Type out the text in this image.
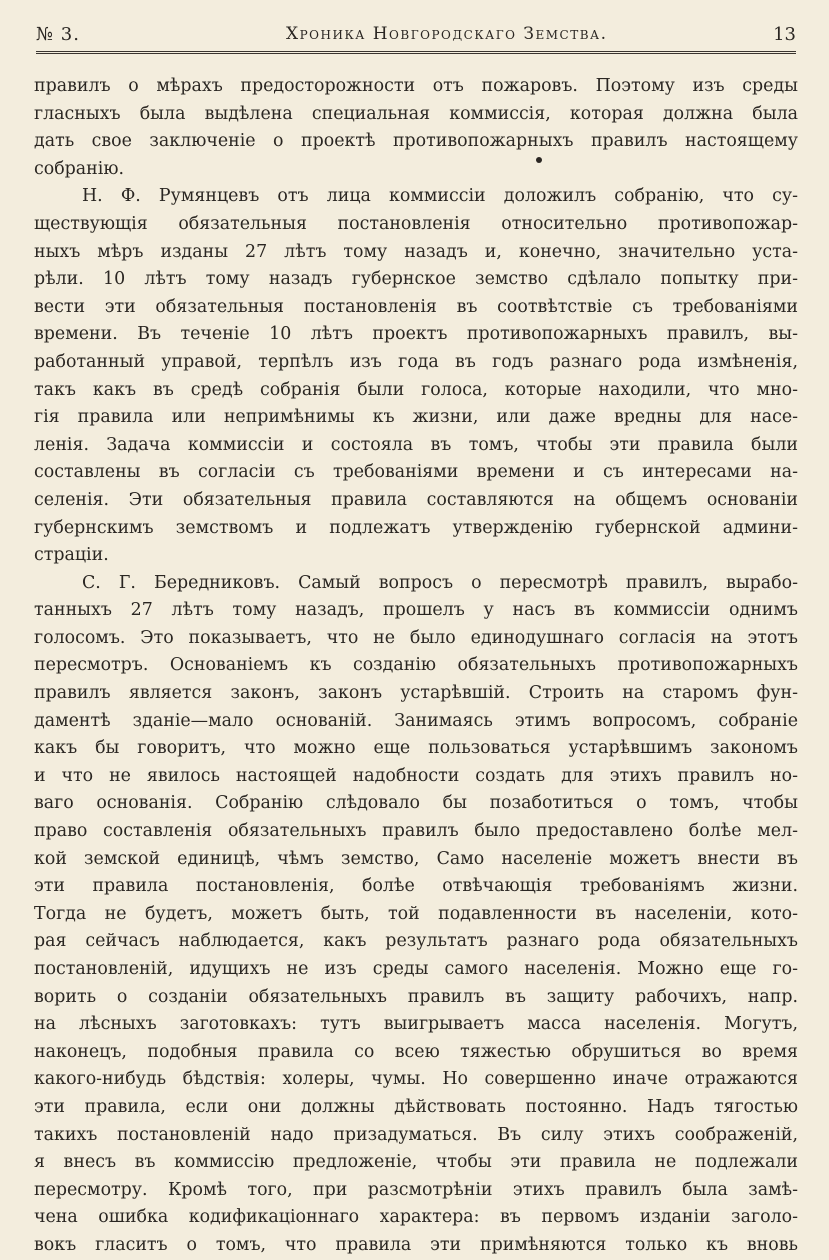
№ 3.	Хроника Новгородскаго Земства.	13
правилъ о мѣрахъ предосторожности отъ пожаровъ. Поэтому изъ среды
гласныхъ была выдѣлена специальная коммиссія, которая должна была
дать свое заключеніе о проектѣ противопожарныхъ правилъ настоящему
собранію.
Н. Ф. Румянцевъ отъ лица коммиссіи доложилъ собранію, что су-
ществующія обязательныя постановленія относительно противопожар-
ныхъ мѣръ изданы 27 лѣтъ тому назадъ и, конечно, значительно уста-
рѣли. 10 лѣтъ тому назадъ губернское земство сдѣлало попытку при-
вести эти обязательныя постановленія въ соотвѣтствіе съ требованіями
времени. Въ теченіе 10 лѣтъ проектъ противопожарныхъ правилъ, вы-
работанный управой, терпѣлъ изъ года въ годъ разнаго рода измѣненія,
такъ какъ въ средѣ собранія были голоса, которые находили, что мно-
гія правила или непримѣнимы къ жизни, или даже вредны для насе-
ленія. Задача коммиссіи и состояла въ томъ, чтобы эти правила были
составлены въ согласіи съ требованіями времени и съ интересами на-
селенія. Эти обязательныя правила составляются на общемъ основаніи
губернскимъ земствомъ и подлежатъ утвержденію губернской админи-
страціи.
С. Г. Бередниковъ. Самый вопросъ о пересмотрѣ правилъ, вырабо-
танныхъ 27 лѣтъ тому назадъ, прошелъ у насъ въ коммиссіи однимъ
голосомъ. Это показываетъ, что не было единодушнаго согласія на этотъ
пересмотръ. Основаніемъ къ созданію обязательныхъ противопожарныхъ
правилъ является законъ, законъ устарѣвшій. Строить на старомъ фун-
даментѣ зданіе—мало основаній. Занимаясь этимъ вопросомъ, собраніе
какъ бы говоритъ, что можно еще пользоваться устарѣвшимъ закономъ
и что не явилось настоящей надобности создать для этихъ правилъ но-
ваго основанія. Собранію слѣдовало бы позаботиться о томъ, чтобы
право составленія обязательныхъ правилъ было предоставлено болѣе мел-
кой земской единицѣ, чѣмъ земство, Само населеніе можетъ внести въ
эти правила постановленія, болѣе отвѣчающія требованіямъ жизни.
Тогда не будетъ, можетъ быть, той подавленности въ населеніи, кото-
рая сейчасъ наблюдается, какъ результатъ разнаго рода обязательныхъ
постановленій, идущихъ не изъ среды самого населенія. Можно еще го-
ворить о созданіи обязательныхъ правилъ въ защиту рабочихъ, напр.
на лѣсныхъ заготовкахъ: тутъ выигрываетъ масса населенія. Могутъ,
наконецъ, подобныя правила со всею тяжестью обрушиться во время
какого-нибудь бѣдствія: холеры, чумы. Но совершенно иначе отражаются
эти правила, если они должны дѣйствовать постоянно. Надъ тягостью
такихъ постановленій надо призадуматься. Въ силу этихъ соображеній,
я внесъ въ коммиссію предложеніе, чтобы эти правила не подлежали
пересмотру. Кромѣ того, при разсмотрѣніи этихъ правилъ была замѣ-
чена ошибка кодификаціоннаго характера: въ первомъ изданіи заголо-
вокъ гласитъ о томъ, что правила эти примѣняются только къ вновь
